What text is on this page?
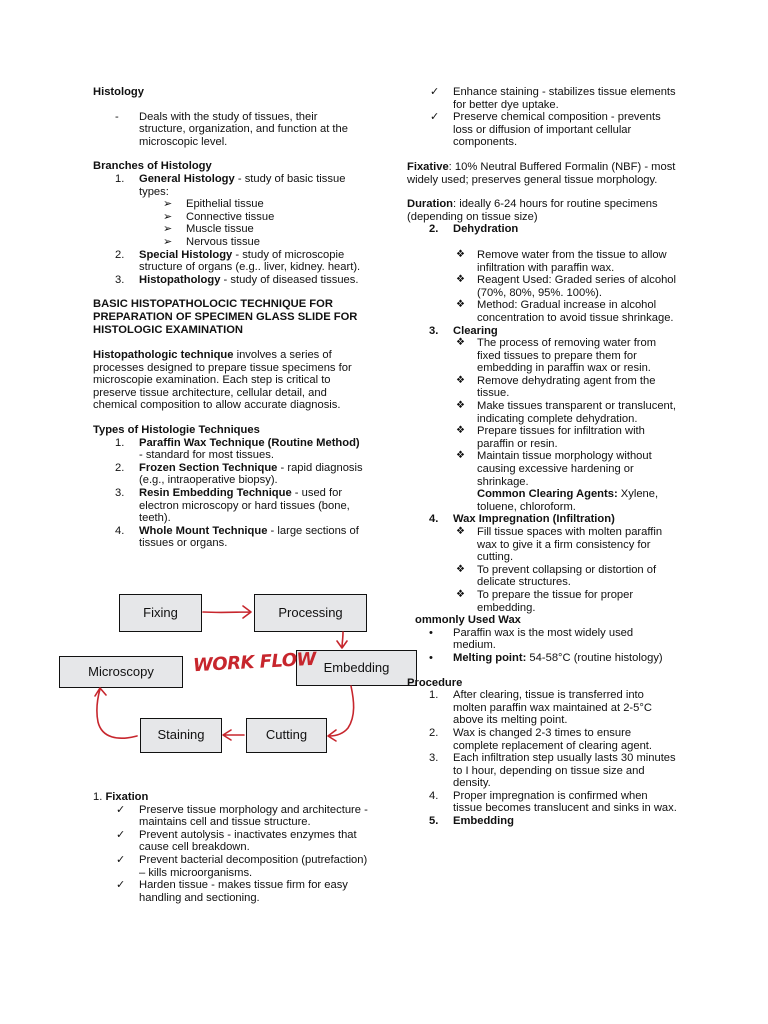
Histology

- Deals with the study of tissues, their structure, organization, and function at the microscopic level.

Branches of Histology

1. General Histology - study of basic tissue types:
➢ Epithelial tissue
➢ Connective tissue
➢ Muscle tissue
➢ Nervous tissue
2. Special Histology - study of microscopie structure of organs (e.g.. liver, kidney. heart).
3. Histopathology - study of diseased tissues.

BASIC HISTOPATHOLOCIC TECHNIQUE FOR PREPARATION OF SPECIMEN GLASS SLIDE FOR HISTOLOGIC EXAMINATION

Histopathologic technique involves a series of processes designed to prepare tissue specimens for microscopie examination. Each step is critical to preserve tissue architecture, cellular detail, and chemical composition to allow accurate diagnosis.

Types of Histologie Techniques

1. Paraffin Wax Technique (Routine Method) - standard for most tissues.
2. Frozen Section Technique - rapid diagnosis (e.g., intraoperative biopsy).
3. Resin Embedding Technique - used for electron microscopy or hard tissues (bone, teeth).
4. Whole Mount Technique - large sections of tissues or organs.
Fixing	Processing
Embedding
Microscopy
Staining	Cutting
WORK FLOW

1. Fixation

✓ Preserve tissue morphology and architecture - maintains cell and tissue structure.
✓ Prevent autolysis - inactivates enzymes that cause cell breakdown.
✓ Prevent bacterial decomposition (putrefaction) – kills microorganisms.
✓ Harden tissue - makes tissue firm for easy handling and sectioning.
✓ Enhance staining - stabilizes tissue elements for better dye uptake.
✓ Preserve chemical composition - prevents loss or diffusion of important cellular components.

Fixative: 10% Neutral Buffered Formalin (NBF) - most widely used; preserves general tissue morphology.

Duration: ideally 6-24 hours for routine specimens (depending on tissue size)

2. Dehydration
❖ Remove water from the tissue to allow infiltration with paraffin wax.
❖ Reagent Used: Graded series of alcohol (70%, 80%, 95%. 100%).
❖ Method: Gradual increase in alcohol concentration to avoid tissue shrinkage.
3. Clearing
❖ The process of removing water from fixed tissues to prepare them for embedding in paraffin wax or resin.
❖ Remove dehydrating agent from the tissue.
❖ Make tissues transparent or translucent, indicating complete dehydration.
❖ Prepare tissues for infiltration with paraffin or resin.
❖ Maintain tissue morphology without causing excessive hardening or shrinkage.

Common Clearing Agents: Xylene, toluene, chloroform.

4. Wax Impregnation (Infiltration)
❖ Fill tissue spaces with molten paraffin wax to give it a firm consistency for cutting.
❖ To prevent collapsing or distortion of delicate structures.
❖ To prepare the tissue for proper embedding.

ommonly Used Wax

• Paraffin wax is the most widely used medium.
• Melting point: 54-58°C (routine histology)

Procedure

1. After clearing, tissue is transferred into molten paraffin wax maintained at 2-5°C above its melting point.
2. Wax is changed 2-3 times to ensure complete replacement of clearing agent.
3. Each infiltration step usually lasts 30 minutes to I hour, depending on tissue size and density.
4. Proper impregnation is confirmed when tissue becomes translucent and sinks in wax.
5. Embedding
